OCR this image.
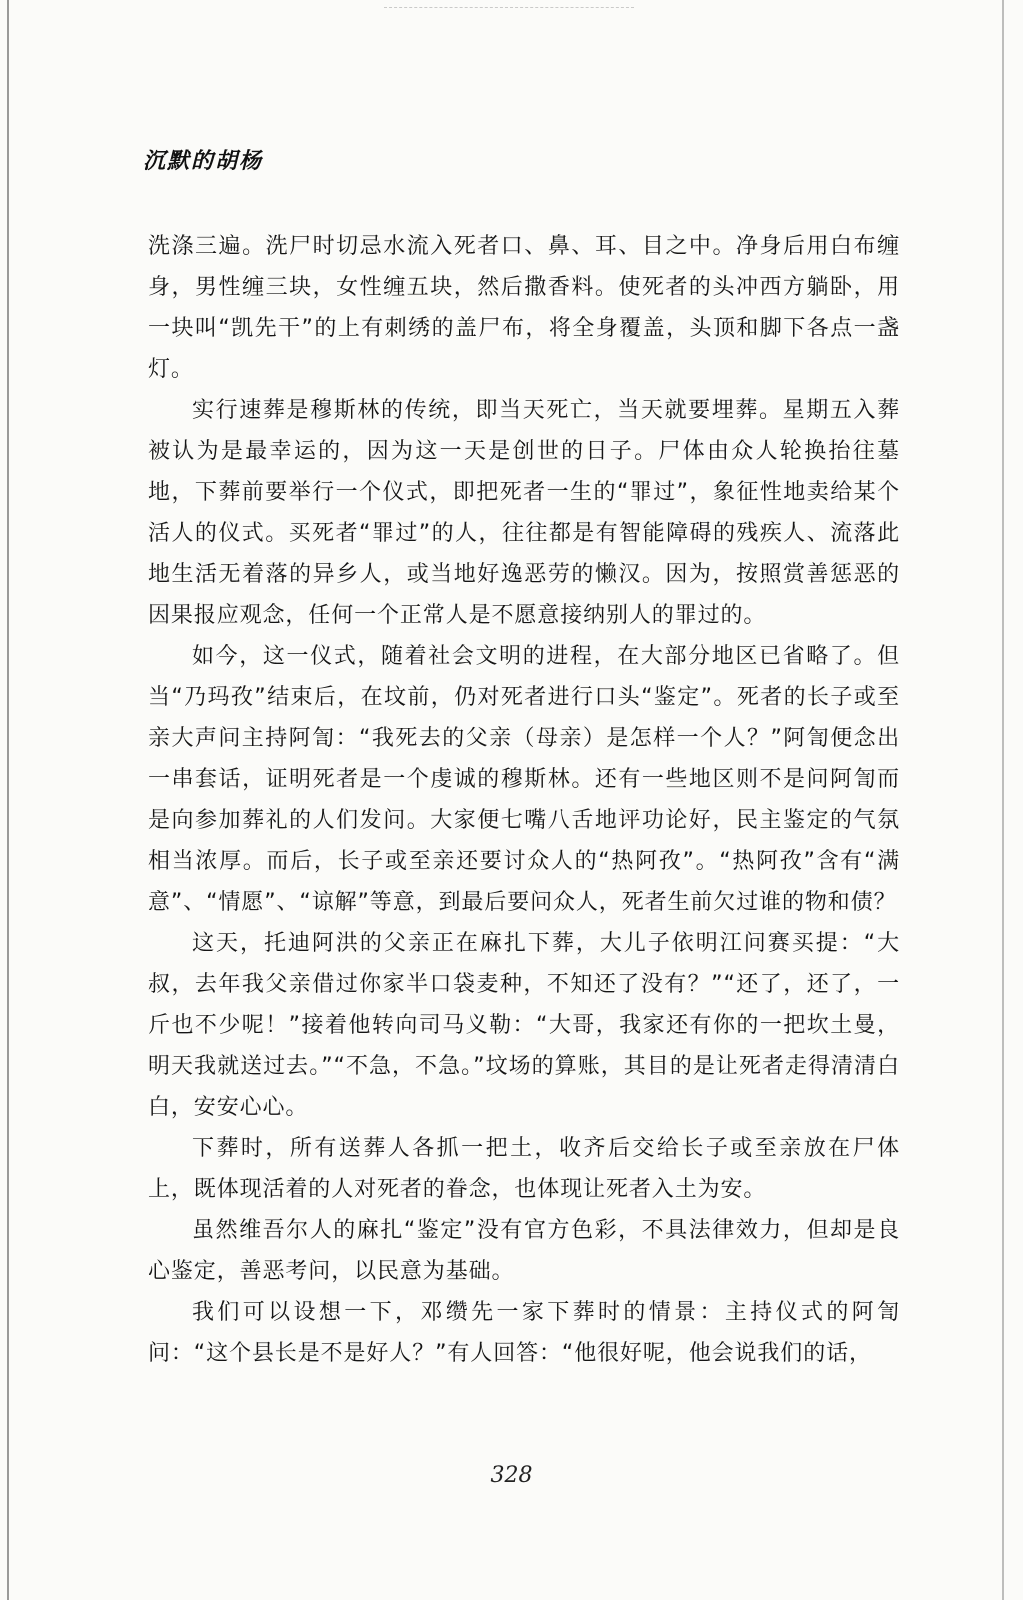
沉默的胡杨

洗涤三遍。洗尸时切忌水流入死者口、鼻、耳、目之中。净身后用白布缠身，男性缠三块，女性缠五块，然后撒香料。使死者的头冲西方躺卧，用一块叫“凯先干”的上有刺绣的盖尸布，将全身覆盖，头顶和脚下各点一盏灯。

实行速葬是穆斯林的传统，即当天死亡，当天就要埋葬。星期五入葬被认为是最幸运的，因为这一天是创世的日子。尸体由众人轮换抬往墓地，下葬前要举行一个仪式，即把死者一生的“罪过”，象征性地卖给某个活人的仪式。买死者“罪过”的人，往往都是有智能障碍的残疾人、流落此地生活无着落的异乡人，或当地好逸恶劳的懒汉。因为，按照赏善惩恶的因果报应观念，任何一个正常人是不愿意接纳别人的罪过的。

如今，这一仪式，随着社会文明的进程，在大部分地区已省略了。但当“乃玛孜”结束后，在坟前，仍对死者进行口头“鉴定”。死者的长子或至亲大声问主持阿訇：“我死去的父亲（母亲）是怎样一个人？”阿訇便念出一串套话，证明死者是一个虔诚的穆斯林。还有一些地区则不是问阿訇而是向参加葬礼的人们发问。大家便七嘴八舌地评功论好，民主鉴定的气氛相当浓厚。而后，长子或至亲还要讨众人的“热阿孜”。“热阿孜”含有“满意”、“情愿”、“谅解”等意，到最后要问众人，死者生前欠过谁的物和债？

这天，托迪阿洪的父亲正在麻扎下葬，大儿子依明江问赛买提：“大叔，去年我父亲借过你家半口袋麦种，不知还了没有？”“还了，还了，一斤也不少呢！”接着他转向司马义勒：“大哥，我家还有你的一把坎土曼，明天我就送过去。”“不急，不急。”坟场的算账，其目的是让死者走得清清白白，安安心心。

下葬时，所有送葬人各抓一把土，收齐后交给长子或至亲放在尸体上，既体现活着的人对死者的眷念，也体现让死者入土为安。

虽然维吾尔人的麻扎“鉴定”没有官方色彩，不具法律效力，但却是良心鉴定，善恶考问，以民意为基础。

我们可以设想一下，邓缵先一家下葬时的情景：主持仪式的阿訇问：“这个县长是不是好人？”有人回答：“他很好呢，他会说我们的话，

328
